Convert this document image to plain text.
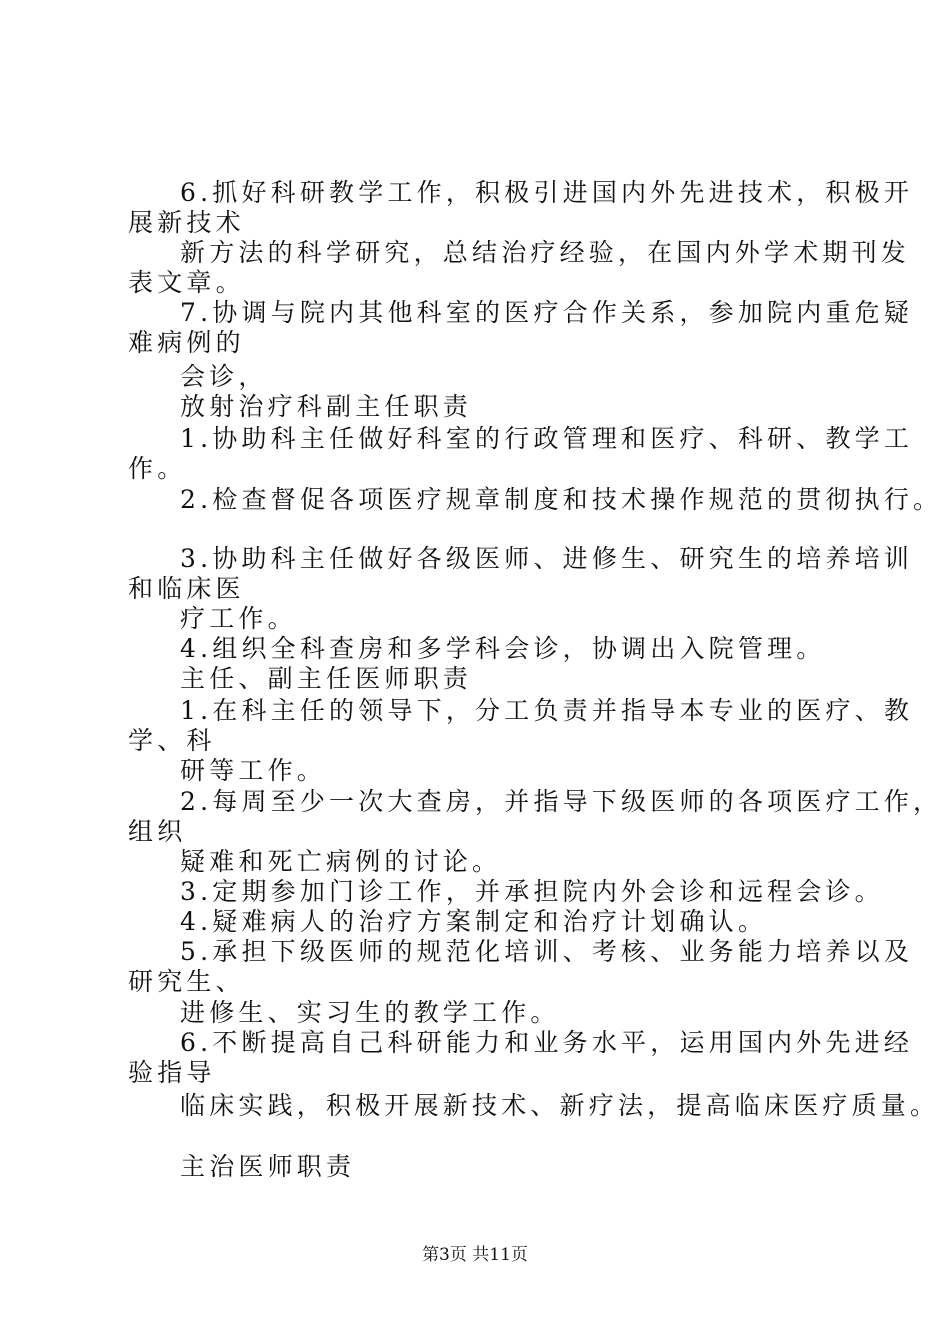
6.抓好科研教学工作，积极引进国内外先进技术，积极开
展新技术
新方法的科学研究，总结治疗经验，在国内外学术期刊发
表文章。
7.协调与院内其他科室的医疗合作关系，参加院内重危疑
难病例的
会诊，
放射治疗科副主任职责
1.协助科主任做好科室的行政管理和医疗、科研、教学工
作。
2.检查督促各项医疗规章制度和技术操作规范的贯彻执行。
3.协助科主任做好各级医师、进修生、研究生的培养培训
和临床医
疗工作。
4.组织全科查房和多学科会诊，协调出入院管理。
主任、副主任医师职责
1.在科主任的领导下，分工负责并指导本专业的医疗、教
学、科
研等工作。
2.每周至少一次大查房，并指导下级医师的各项医疗工作，
组织
疑难和死亡病例的讨论。
3.定期参加门诊工作，并承担院内外会诊和远程会诊。
4.疑难病人的治疗方案制定和治疗计划确认。
5.承担下级医师的规范化培训、考核、业务能力培养以及
研究生、
进修生、实习生的教学工作。
6.不断提高自己科研能力和业务水平，运用国内外先进经
验指导
临床实践，积极开展新技术、新疗法，提高临床医疗质量。
主治医师职责
第3页 共11页
